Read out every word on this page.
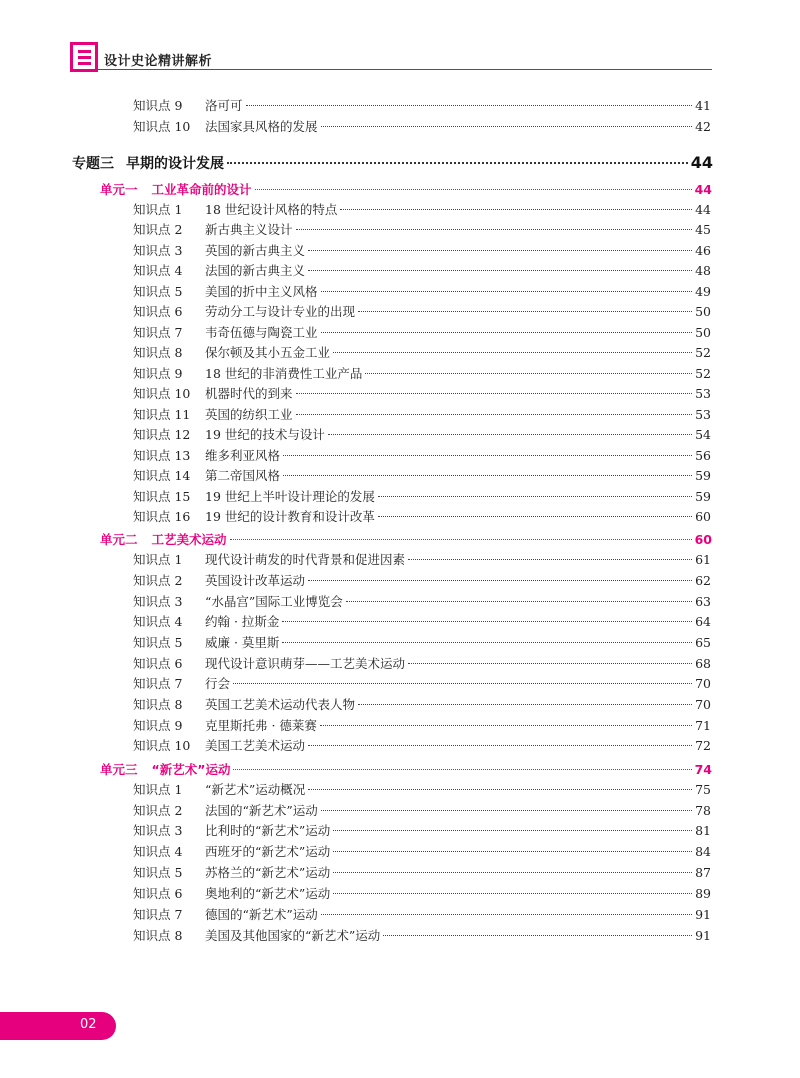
设计史论精讲解析
知识点 9	洛可可	41
知识点 10	法国家具风格的发展	42
专题三 早期的设计发展	44
单元一 工业革命前的设计	44
知识点 1	18 世纪设计风格的特点	44
知识点 2	新古典主义设计	45
知识点 3	英国的新古典主义	46
知识点 4	法国的新古典主义	48
知识点 5	美国的折中主义风格	49
知识点 6	劳动分工与设计专业的出现	50
知识点 7	韦奇伍德与陶瓷工业	50
知识点 8	保尔顿及其小五金工业	52
知识点 9	18 世纪的非消费性工业产品	52
知识点 10	机器时代的到来	53
知识点 11	英国的纺织工业	53
知识点 12	19 世纪的技术与设计	54
知识点 13	维多利亚风格	56
知识点 14	第二帝国风格	59
知识点 15	19 世纪上半叶设计理论的发展	59
知识点 16	19 世纪的设计教育和设计改革	60
单元二 工艺美术运动	60
知识点 1	现代设计萌发的时代背景和促进因素	61
知识点 2	英国设计改革运动	62
知识点 3	“水晶宫”国际工业博览会	63
知识点 4	约翰 · 拉斯金	64
知识点 5	威廉 · 莫里斯	65
知识点 6	现代设计意识萌芽——工艺美术运动	68
知识点 7	行会	70
知识点 8	英国工艺美术运动代表人物	70
知识点 9	克里斯托弗 · 德莱赛	71
知识点 10	美国工艺美术运动	72
单元三 “新艺术”运动	74
知识点 1	“新艺术”运动概况	75
知识点 2	法国的“新艺术”运动	78
知识点 3	比利时的“新艺术”运动	81
知识点 4	西班牙的“新艺术”运动	84
知识点 5	苏格兰的“新艺术”运动	87
知识点 6	奥地利的“新艺术”运动	89
知识点 7	德国的“新艺术”运动	91
知识点 8	美国及其他国家的“新艺术”运动	91
02
